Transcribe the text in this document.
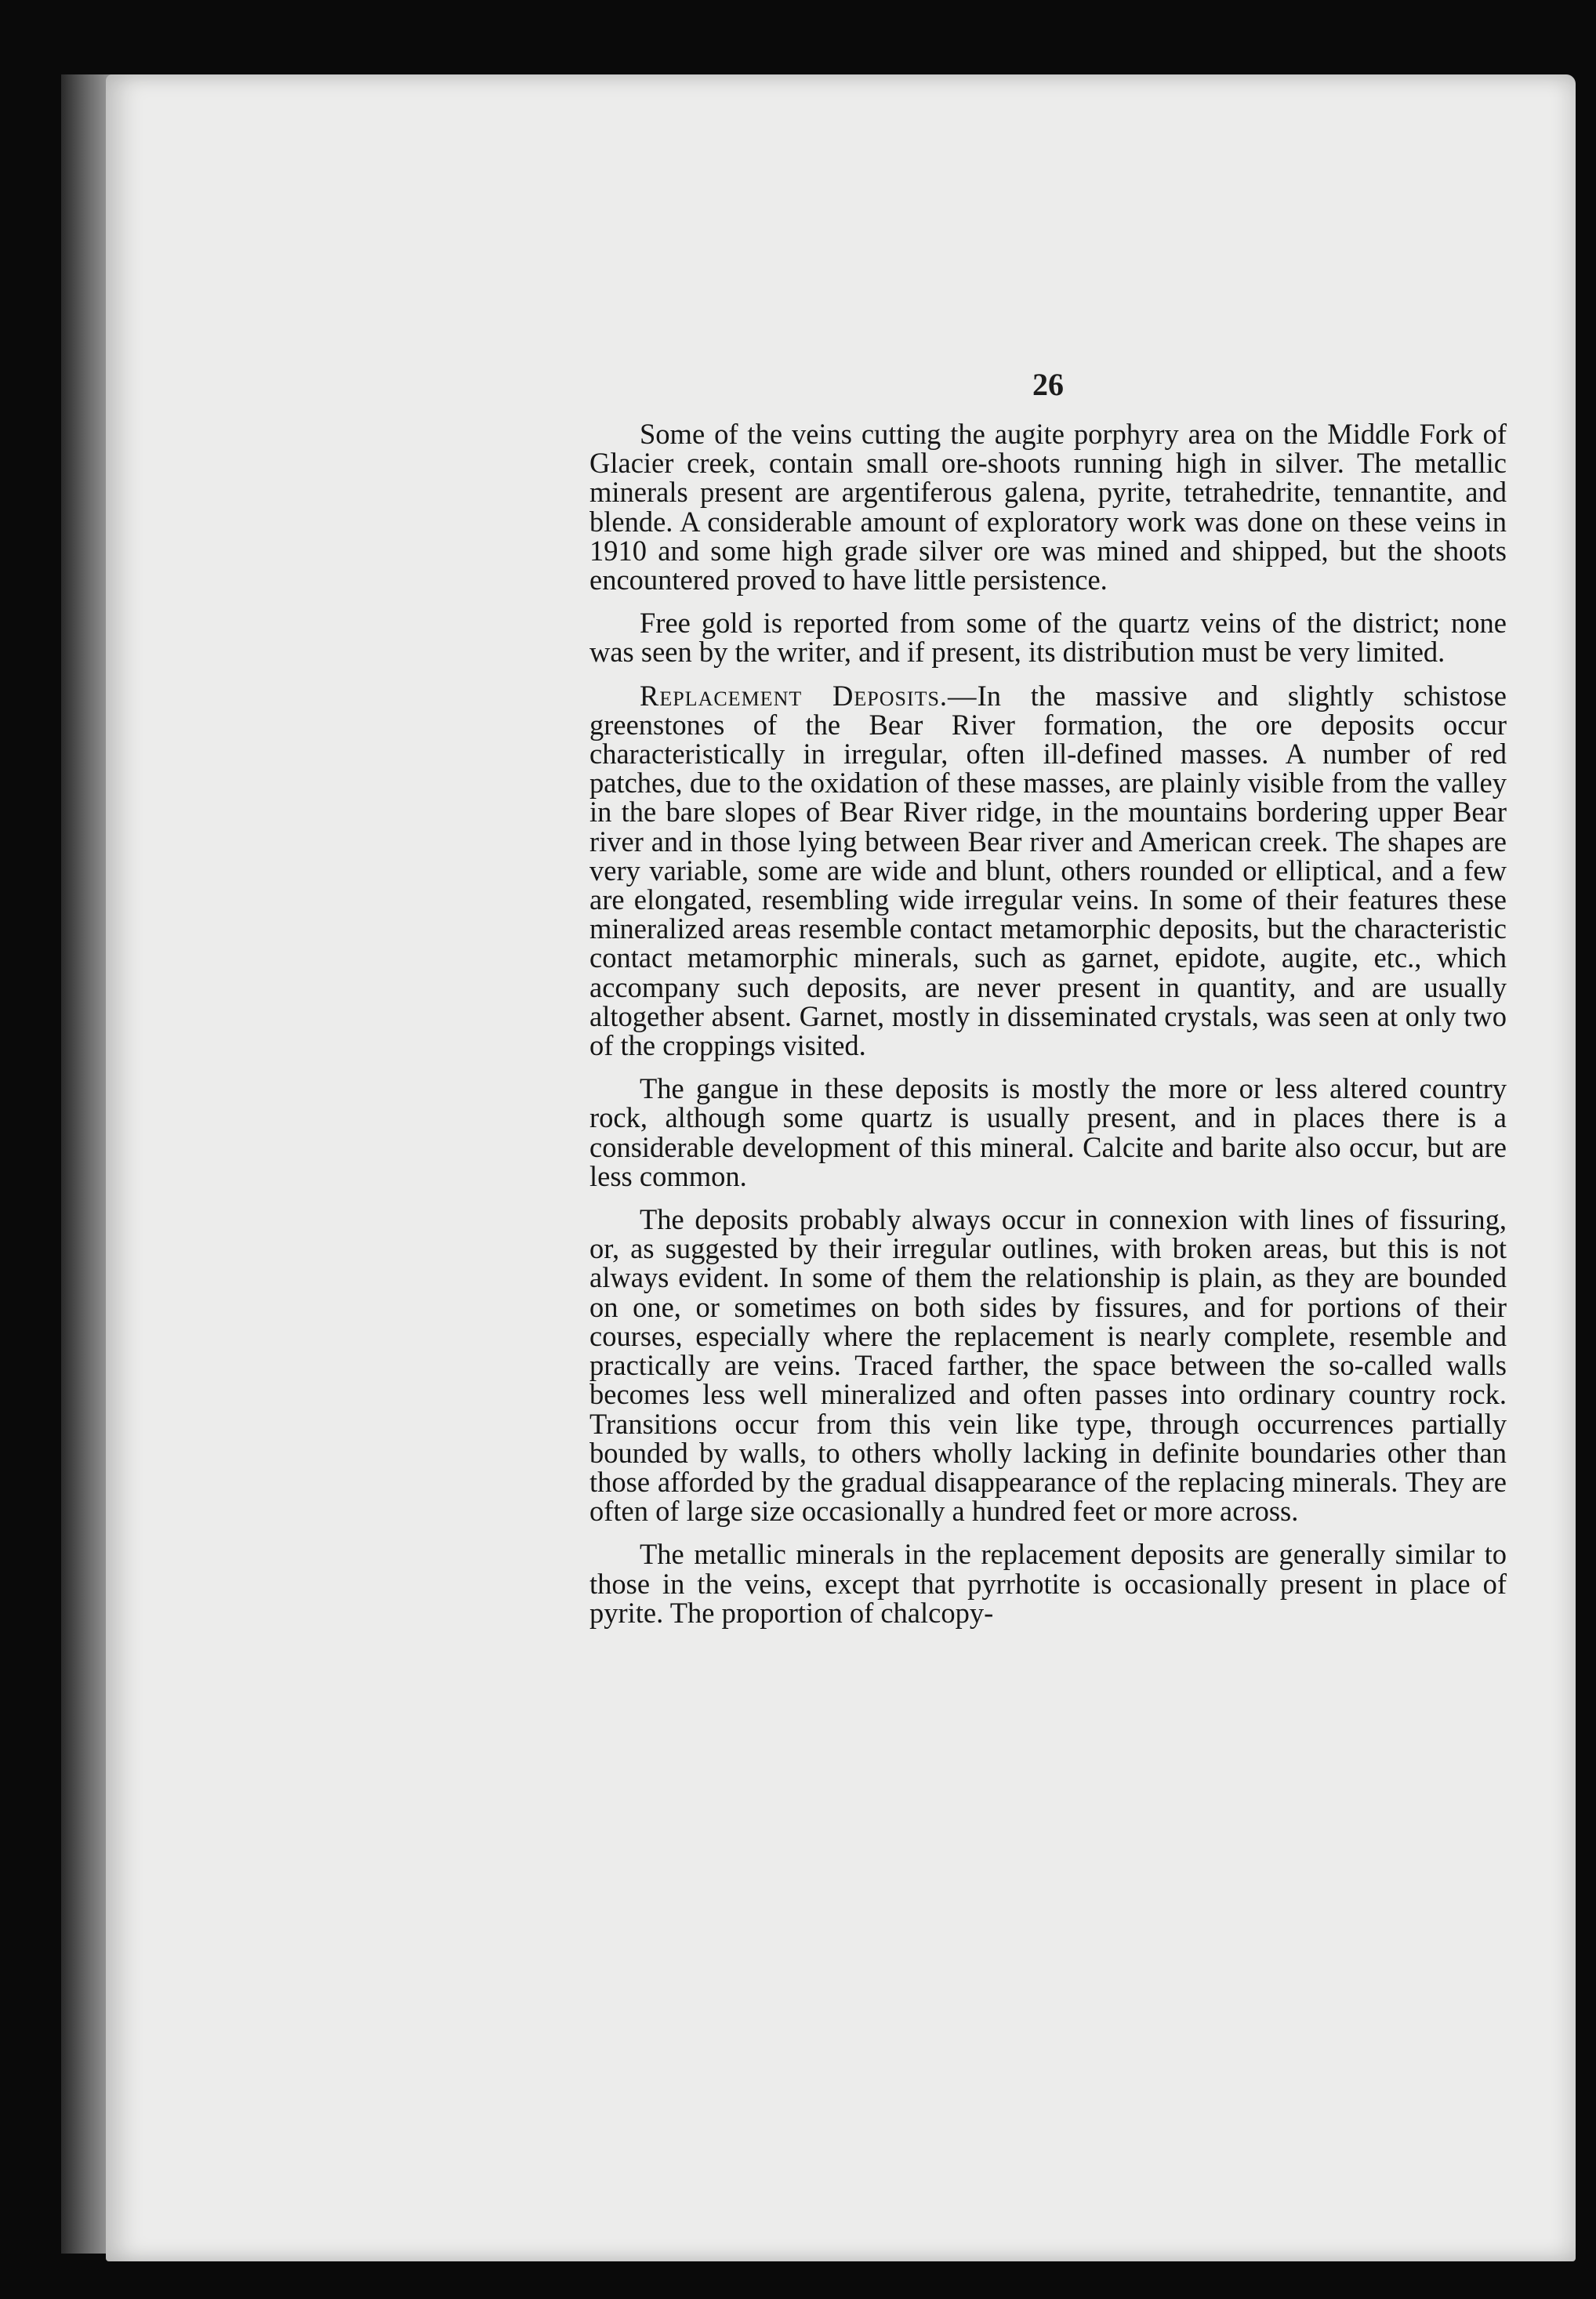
26

Some of the veins cutting the augite porphyry area on the Middle Fork of Glacier creek, contain small ore-shoots running high in silver. The metallic minerals present are argentiferous galena, pyrite, tetrahedrite, tennantite, and blende. A considerable amount of exploratory work was done on these veins in 1910 and some high grade silver ore was mined and shipped, but the shoots encountered proved to have little persistence.

Free gold is reported from some of the quartz veins of the district; none was seen by the writer, and if present, its distribution must be very limited.

Replacement Deposits.—In the massive and slightly schistose greenstones of the Bear River formation, the ore deposits occur characteristically in irregular, often ill-defined masses. A number of red patches, due to the oxidation of these masses, are plainly visible from the valley in the bare slopes of Bear River ridge, in the mountains bordering upper Bear river and in those lying between Bear river and American creek. The shapes are very variable, some are wide and blunt, others rounded or elliptical, and a few are elongated, resembling wide irregular veins. In some of their features these mineralized areas resemble contact metamorphic deposits, but the characteristic contact metamorphic minerals, such as garnet, epidote, augite, etc., which accompany such deposits, are never present in quantity, and are usually altogether absent. Garnet, mostly in disseminated crystals, was seen at only two of the croppings visited.

The gangue in these deposits is mostly the more or less altered country rock, although some quartz is usually present, and in places there is a considerable development of this mineral. Calcite and barite also occur, but are less common.

The deposits probably always occur in connexion with lines of fissuring, or, as suggested by their irregular outlines, with broken areas, but this is not always evident. In some of them the relationship is plain, as they are bounded on one, or sometimes on both sides by fissures, and for portions of their courses, especially where the replacement is nearly complete, resemble and practically are veins. Traced farther, the space between the so-called walls becomes less well mineralized and often passes into ordinary country rock. Transitions occur from this vein like type, through occurrences partially bounded by walls, to others wholly lacking in definite boundaries other than those afforded by the gradual disappearance of the replacing minerals. They are often of large size occasionally a hundred feet or more across.

The metallic minerals in the replacement deposits are generally similar to those in the veins, except that pyrrhotite is occasionally present in place of pyrite. The proportion of chalcopy-
